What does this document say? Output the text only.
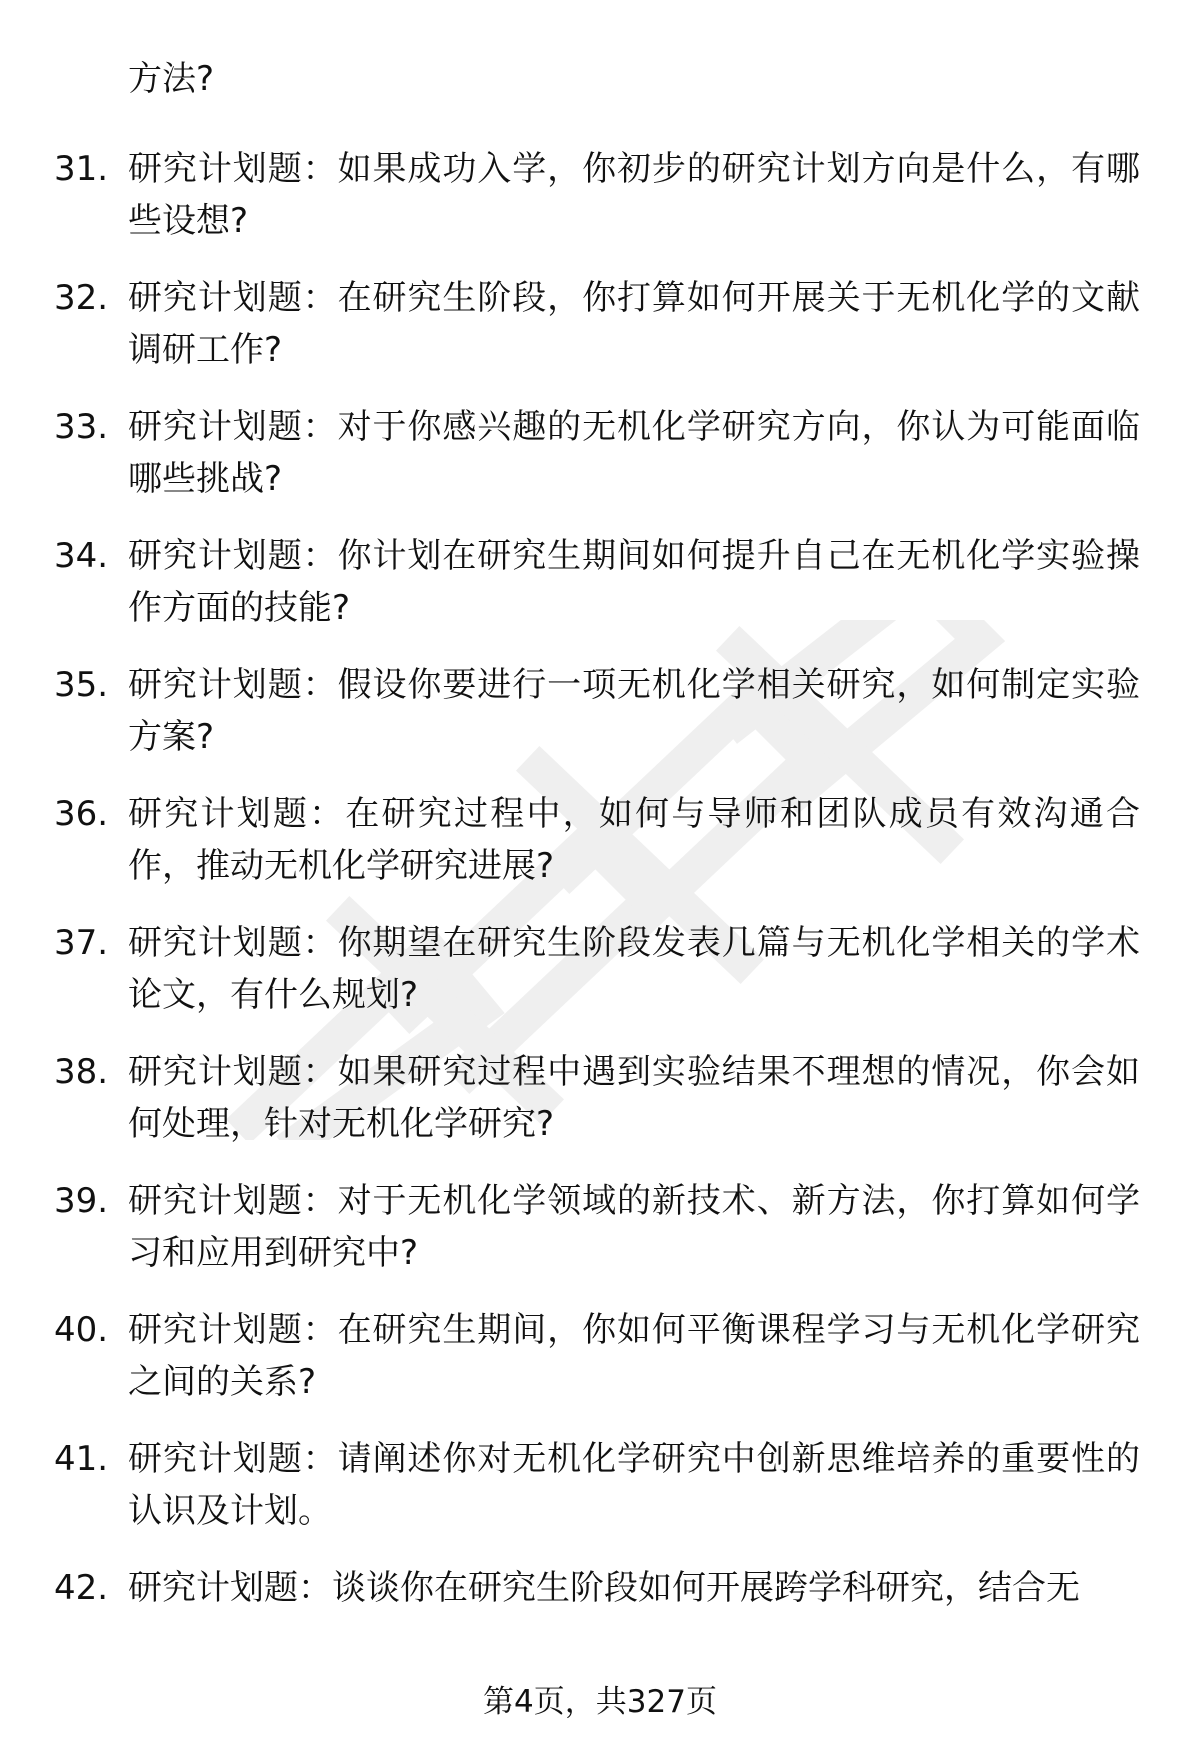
方法?
31. 研究计划题：如果成功入学，你初步的研究计划方向是什么，有哪些设想?
32. 研究计划题：在研究生阶段，你打算如何开展关于无机化学的文献调研工作?
33. 研究计划题：对于你感兴趣的无机化学研究方向，你认为可能面临哪些挑战?
34. 研究计划题：你计划在研究生期间如何提升自己在无机化学实验操作方面的技能?
35. 研究计划题：假设你要进行一项无机化学相关研究，如何制定实验方案?
36. 研究计划题：在研究过程中，如何与导师和团队成员有效沟通合作，推动无机化学研究进展?
37. 研究计划题：你期望在研究生阶段发表几篇与无机化学相关的学术论文，有什么规划?
38. 研究计划题：如果研究过程中遇到实验结果不理想的情况，你会如何处理，针对无机化学研究?
39. 研究计划题：对于无机化学领域的新技术、新方法，你打算如何学习和应用到研究中?
40. 研究计划题：在研究生期间，你如何平衡课程学习与无机化学研究之间的关系?
41. 研究计划题：请阐述你对无机化学研究中创新思维培养的重要性的认识及计划。
42. 研究计划题：谈谈你在研究生阶段如何开展跨学科研究，结合无
第4页，共327页
